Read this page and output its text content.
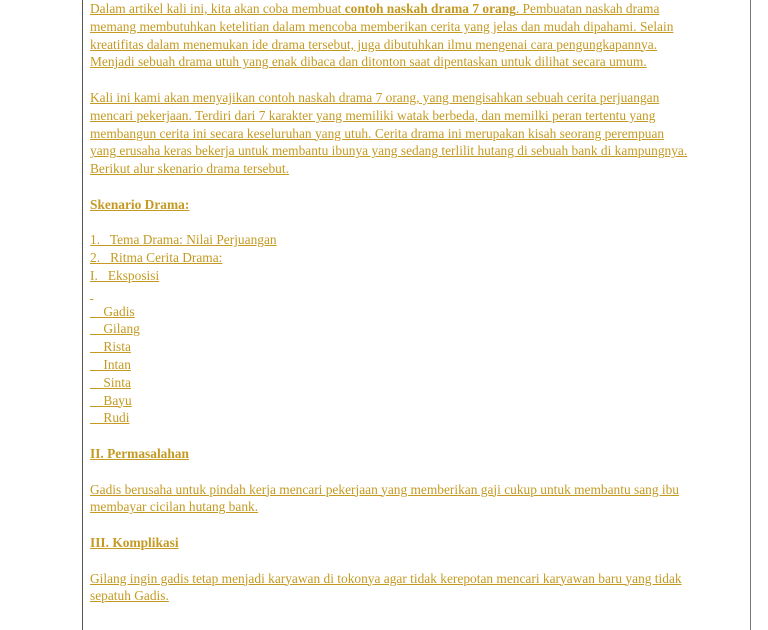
Dalam artikel kali ini, kita akan coba membuat contoh naskah drama 7 orang. Pembuatan naskah drama memang membutuhkan ketelitian dalam mencoba memberikan cerita yang jelas dan mudah dipahami. Selain kreatifitas dalam menemukan ide drama tersebut, juga dibutuhkan ilmu mengenai cara pengungkapannya. Menjadi sebuah drama utuh yang enak dibaca dan ditonton saat dipentaskan untuk dilihat secara umum.

Kali ini kami akan menyajikan contoh naskah drama 7 orang, yang mengisahkan sebuah cerita perjuangan mencari pekerjaan. Terdiri dari 7 karakter yang memiliki watak berbeda, dan memilki peran tertentu yang membangun cerita ini secara keseluruhan yang utuh. Cerita drama ini merupakan kisah seorang perempuan yang erusaha keras bekerja untuk membantu ibunya yang sedang terlilit hutang di sebuah bank di kampungnya. Berikut alur skenario drama tersebut.

Skenario Drama:

1.   Tema Drama: Nilai Perjuangan
2.   Ritma Cerita Drama:
I.   Eksposisi

Gadis
Gilang
Rista
Intan
Sinta
Bayu
Rudi

II. Permasalahan

Gadis berusaha untuk pindah kerja mencari pekerjaan yang memberikan gaji cukup untuk membantu sang ibu membayar cicilan hutang bank.

III. Komplikasi

Gilang ingin gadis tetap menjadi karyawan di tokonya agar tidak kerepotan mencari karyawan baru yang tidak sepatuh Gadis.
